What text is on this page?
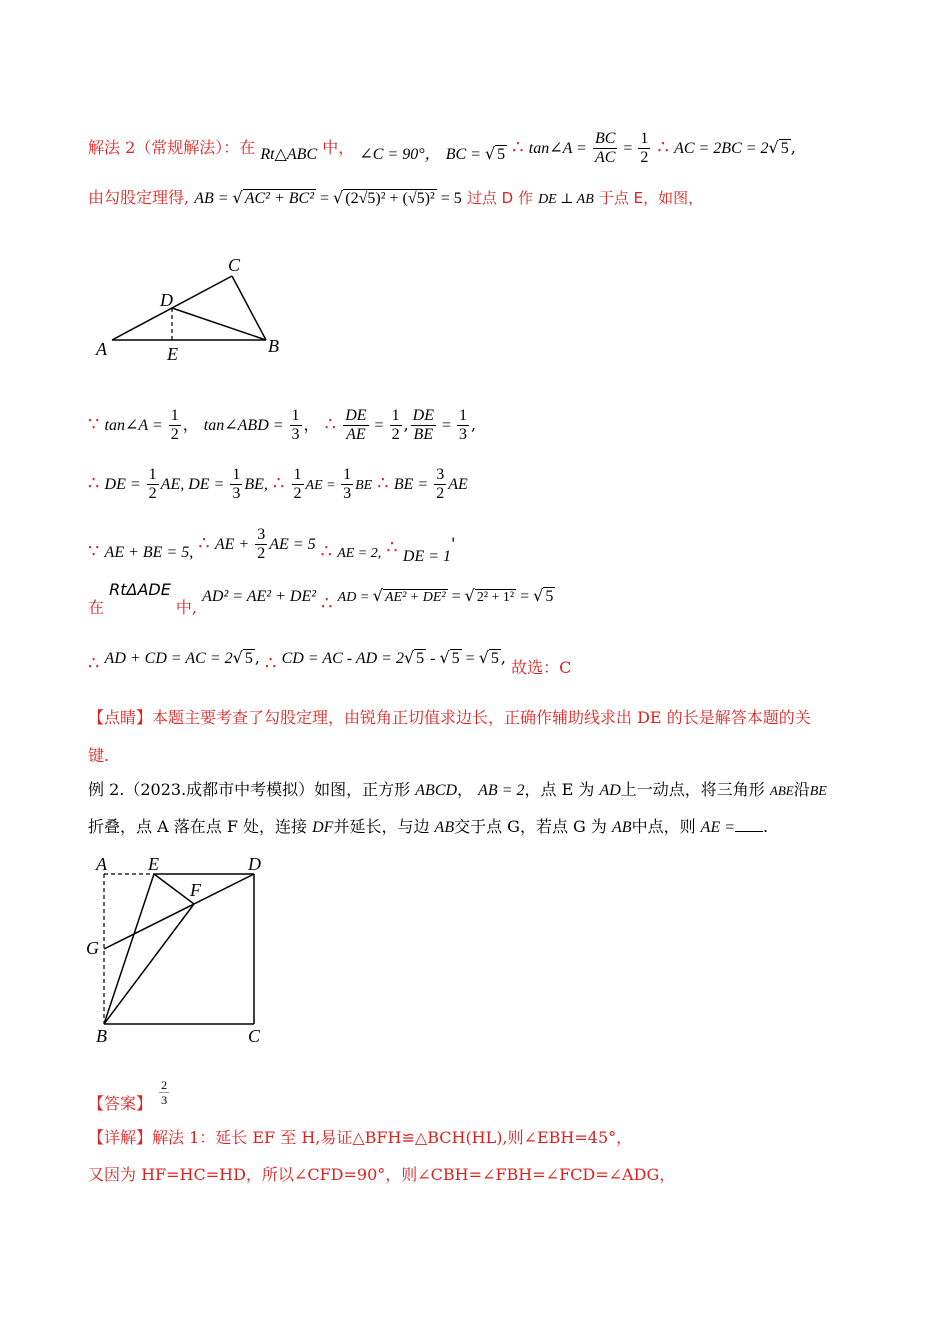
解法 2（常规解法）：在 Rt△ABC 中， ∠C = 90°， BC = √ 5 ∴ tan∠A = $\frac{BC}{AC} = \frac{1}{2}$ ∴ AC = 2BC = 2√ 5 ,
由勾股定理得, AB = √ AC² + BC² = √ (2√5)² + (√5)² = 5 过点 D 作 DE ⊥ AB 于点 E，如图，
A	B
C
D
E
∵ tan∠A = $\frac{1}{2}$ ， tan∠ABD = $\frac{1}{3}$ ， ∴ $\frac{DE}{AE} = \frac{1}{2}$ , $\frac{DE}{BE} = \frac{1}{3}$ ,
∴ DE = $\frac{1}{2}$ AE, DE = $\frac{1}{3}$ BE, ∴ $\frac{1}{2}$ AE = $\frac{1}{3}$ BE ∴ BE = $\frac{3}{2}$ AE
∵ AE + BE = 5, ∴ AE + $\frac{3}{2}$ AE = 5 ∴ AE = 2, ∴ DE = 1'
在 RtΔADE 中, AD² = AE² + DE² ∴ AD = √ AE² + DE² = √ 2² + 1² = √ 5
∴ AD + CD = AC = 2√ 5 , ∴ CD = AC - AD = 2√ 5 - √ 5 = √ 5 , 故选：C
【点睛】本题主要考查了勾股定理，由锐角正切值求边长，正确作辅助线求出 DE 的长是解答本题的关
键.
例 2.（2023.成都市中考模拟）如图，正方形 ABCD， AB = 2，点 E 为 AD上一动点，将三角形 ABE沿BE
折叠，点 A 落在点 F 处，连接 DF并延长，与边 AB交于点 G，若点 G 为 AB中点，则 AE = .
A E	D
F
G
B	C
【答案】 $\frac{2}{3}$
【详解】解法 1：延长 EF 至 H,易证△BFH≌△BCH(HL),则∠EBH=45°，
又因为 HF=HC=HD，所以∠CFD=90°，则∠CBH=∠FBH=∠FCD=∠ADG，
